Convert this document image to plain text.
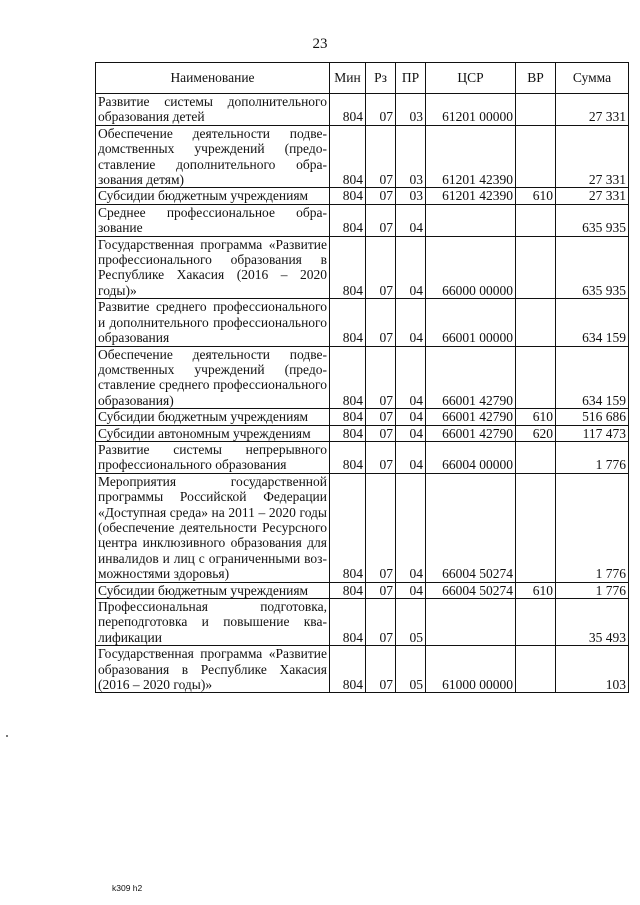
23
Наименование	Мин	Рз	ПР	ЦСР	ВР	Сумма
Развитие системы дополнительного образования детей	804	07	03	61201 00000		27 331
Обеспечение деятельности подведомственных учреждений (предоставление дополнительного образования детям)	804	07	03	61201 42390		27 331
Субсидии бюджетным учреждениям	804	07	03	61201 42390	610	27 331
Среднее профессиональное образование	804	07	04			635 935
Государственная программа «Развитие профессионального образования в Республике Хакасия (2016 – 2020 годы)»	804	07	04	66000 00000		635 935
Развитие среднего профессионального и дополнительного профессионального образования	804	07	04	66001 00000		634 159
Обеспечение деятельности подведомственных учреждений (предоставление среднего профессионального образования)	804	07	04	66001 42790		634 159
Субсидии бюджетным учреждениям	804	07	04	66001 42790	610	516 686
Субсидии автономным учреждениям	804	07	04	66001 42790	620	117 473
Развитие системы непрерывного профессионального образования	804	07	04	66004 00000		1 776
Мероприятия государственной программы Российской Федерации «Доступная среда» на 2011 – 2020 годы (обеспечение деятельности Ресурсного центра инклюзивного образования для инвалидов и лиц с ограниченными возможностями здоровья)	804	07	04	66004 50274		1 776
Субсидии бюджетным учреждениям	804	07	04	66004 50274	610	1 776
Профессиональная подготовка, переподготовка и повышение квалификации	804	07	05			35 493
Государственная программа «Развитие образования в Республике Хакасия (2016 – 2020 годы)»	804	07	05	61000 00000		103
k309 h2
